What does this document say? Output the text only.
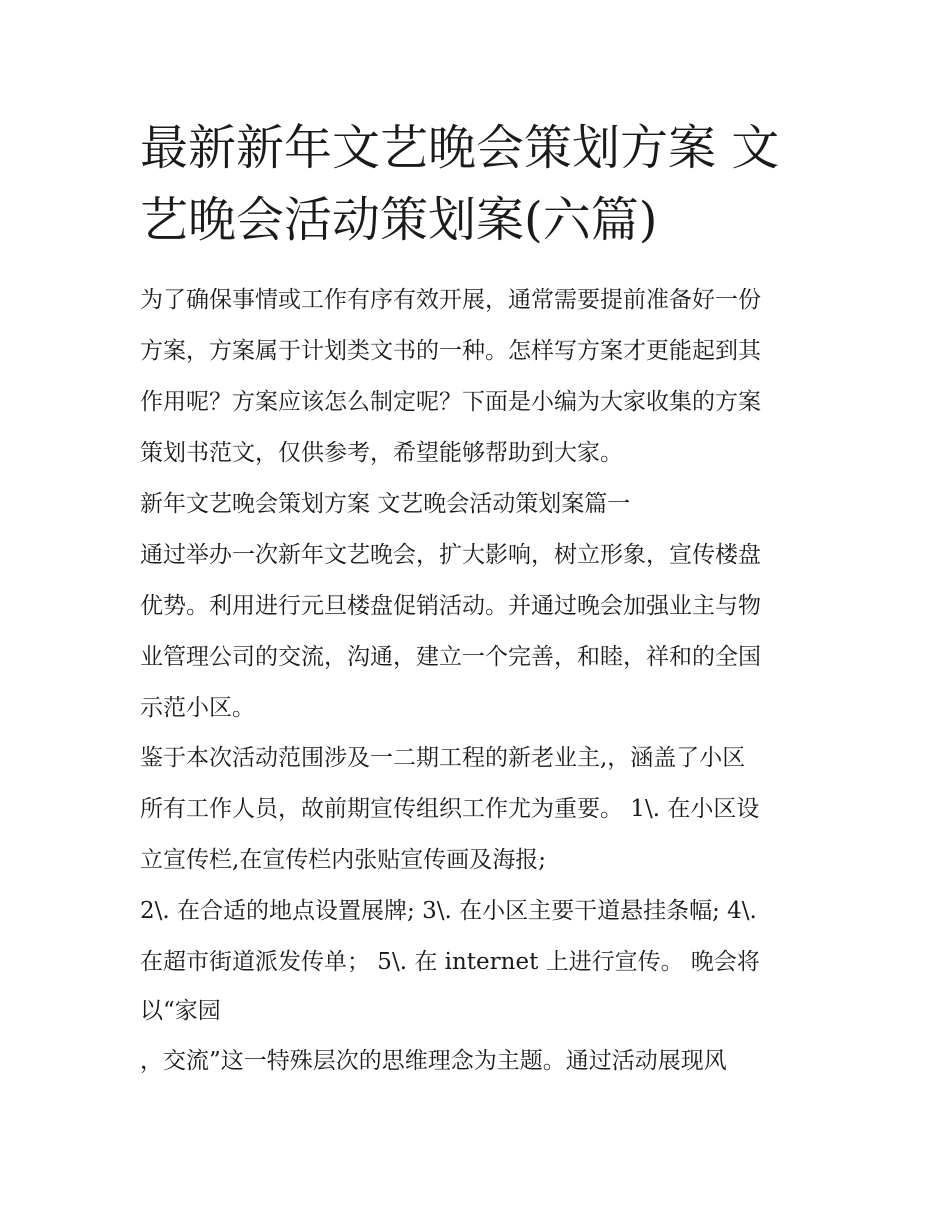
最新新年文艺晚会策划方案 文艺晚会活动策划案(六篇)

为了确保事情或工作有序有效开展，通常需要提前准备好一份

方案，方案属于计划类文书的一种。怎样写方案才更能起到其

作用呢？方案应该怎么制定呢？下面是小编为大家收集的方案

策划书范文，仅供参考，希望能够帮助到大家。

新年文艺晚会策划方案 文艺晚会活动策划案篇一

通过举办一次新年文艺晚会，扩大影响，树立形象，宣传楼盘

优势。利用进行元旦楼盘促销活动。并通过晚会加强业主与物

业管理公司的交流，沟通，建立一个完善，和睦，祥和的全国

示范小区。

鉴于本次活动范围涉及一二期工程的新老业主,，涵盖了小区

所有工作人员，故前期宣传组织工作尤为重要。 1\. 在小区设

立宣传栏,在宣传栏内张贴宣传画及海报;

2\. 在合适的地点设置展牌; 3\. 在小区主要干道悬挂条幅; 4\.

在超市街道派发传单； 5\. 在 internet 上进行宣传。 晚会将

以“家园

，交流”这一特殊层次的思维理念为主题。通过活动展现风
